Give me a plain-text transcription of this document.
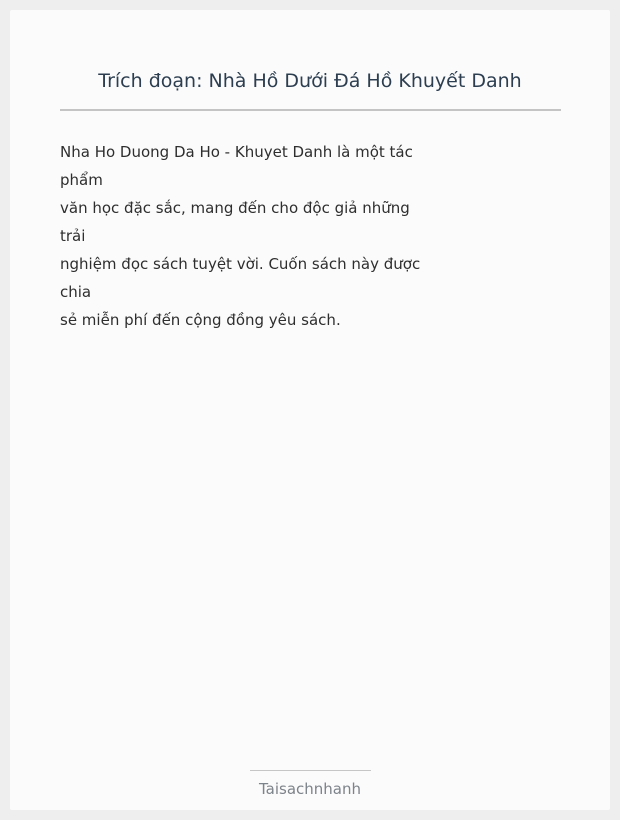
Trích đoạn: Nhà Hồ Dưới Đá Hồ Khuyết Danh
Nha Ho Duong Da Ho - Khuyet Danh là một tác
phẩm
văn học đặc sắc, mang đến cho độc giả những
trải
nghiệm đọc sách tuyệt vời. Cuốn sách này được
chia
sẻ miễn phí đến cộng đồng yêu sách.
Taisachnhanh
